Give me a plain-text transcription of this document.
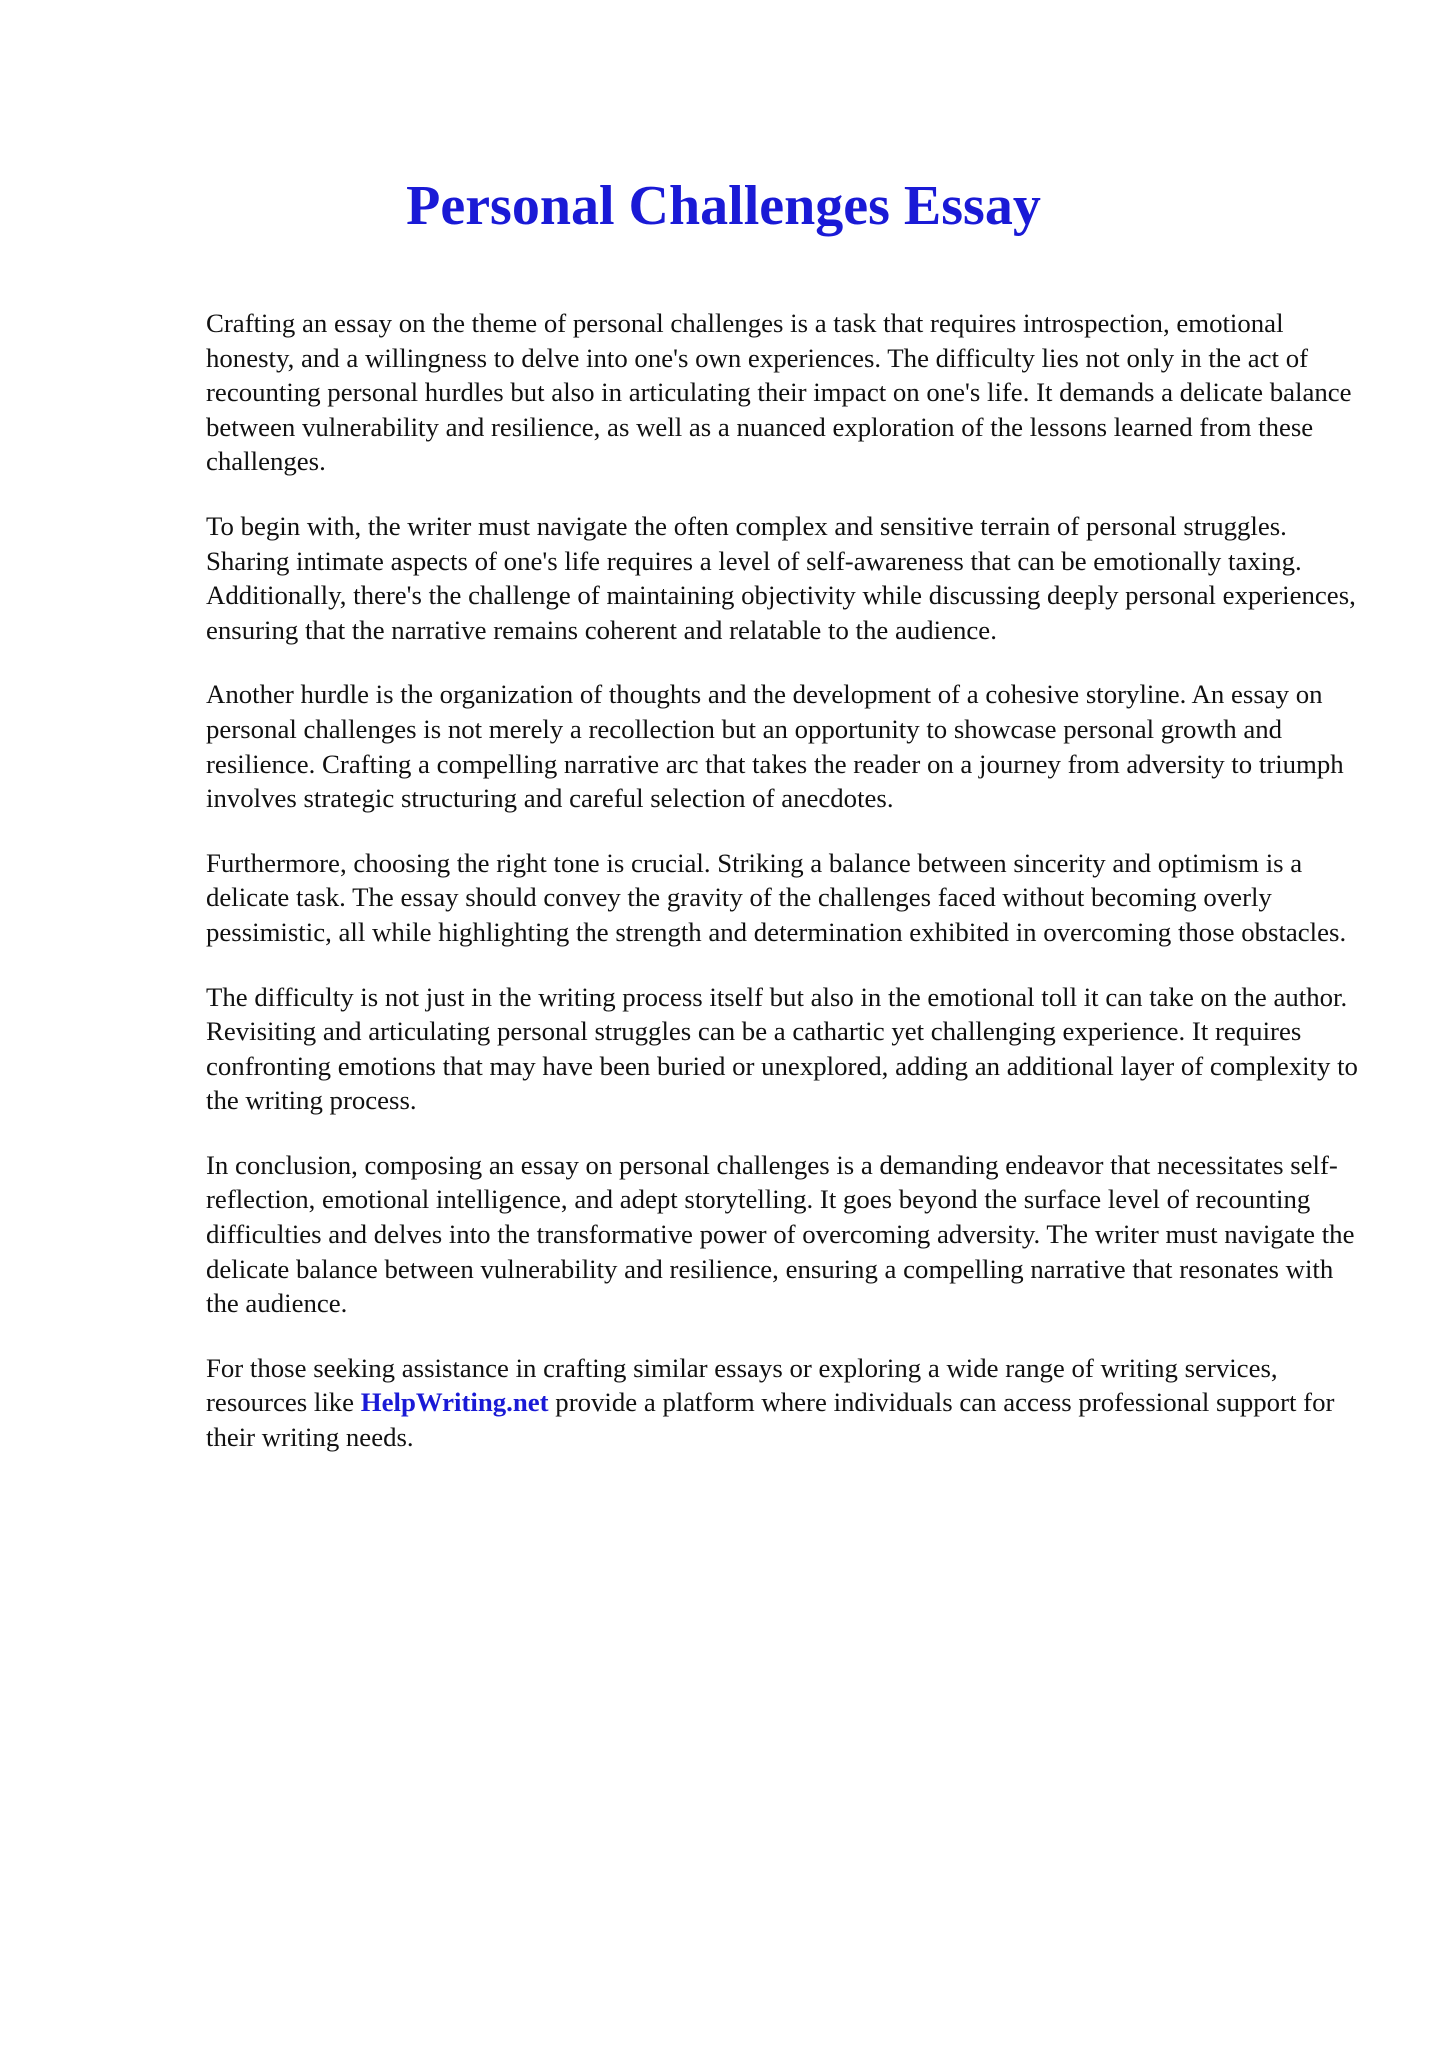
Personal Challenges Essay

Crafting an essay on the theme of personal challenges is a task that requires introspection, emotional honesty, and a willingness to delve into one's own experiences. The difficulty lies not only in the act of recounting personal hurdles but also in articulating their impact on one's life. It demands a delicate balance between vulnerability and resilience, as well as a nuanced exploration of the lessons learned from these challenges.

To begin with, the writer must navigate the often complex and sensitive terrain of personal struggles. Sharing intimate aspects of one's life requires a level of self-awareness that can be emotionally taxing. Additionally, there's the challenge of maintaining objectivity while discussing deeply personal experiences, ensuring that the narrative remains coherent and relatable to the audience.

Another hurdle is the organization of thoughts and the development of a cohesive storyline. An essay on personal challenges is not merely a recollection but an opportunity to showcase personal growth and resilience. Crafting a compelling narrative arc that takes the reader on a journey from adversity to triumph involves strategic structuring and careful selection of anecdotes.

Furthermore, choosing the right tone is crucial. Striking a balance between sincerity and optimism is a delicate task. The essay should convey the gravity of the challenges faced without becoming overly pessimistic, all while highlighting the strength and determination exhibited in overcoming those obstacles.

The difficulty is not just in the writing process itself but also in the emotional toll it can take on the author. Revisiting and articulating personal struggles can be a cathartic yet challenging experience. It requires confronting emotions that may have been buried or unexplored, adding an additional layer of complexity to the writing process.

In conclusion, composing an essay on personal challenges is a demanding endeavor that necessitates self-reflection, emotional intelligence, and adept storytelling. It goes beyond the surface level of recounting difficulties and delves into the transformative power of overcoming adversity. The writer must navigate the delicate balance between vulnerability and resilience, ensuring a compelling narrative that resonates with the audience.

For those seeking assistance in crafting similar essays or exploring a wide range of writing services, resources like HelpWriting.net provide a platform where individuals can access professional support for their writing needs.
